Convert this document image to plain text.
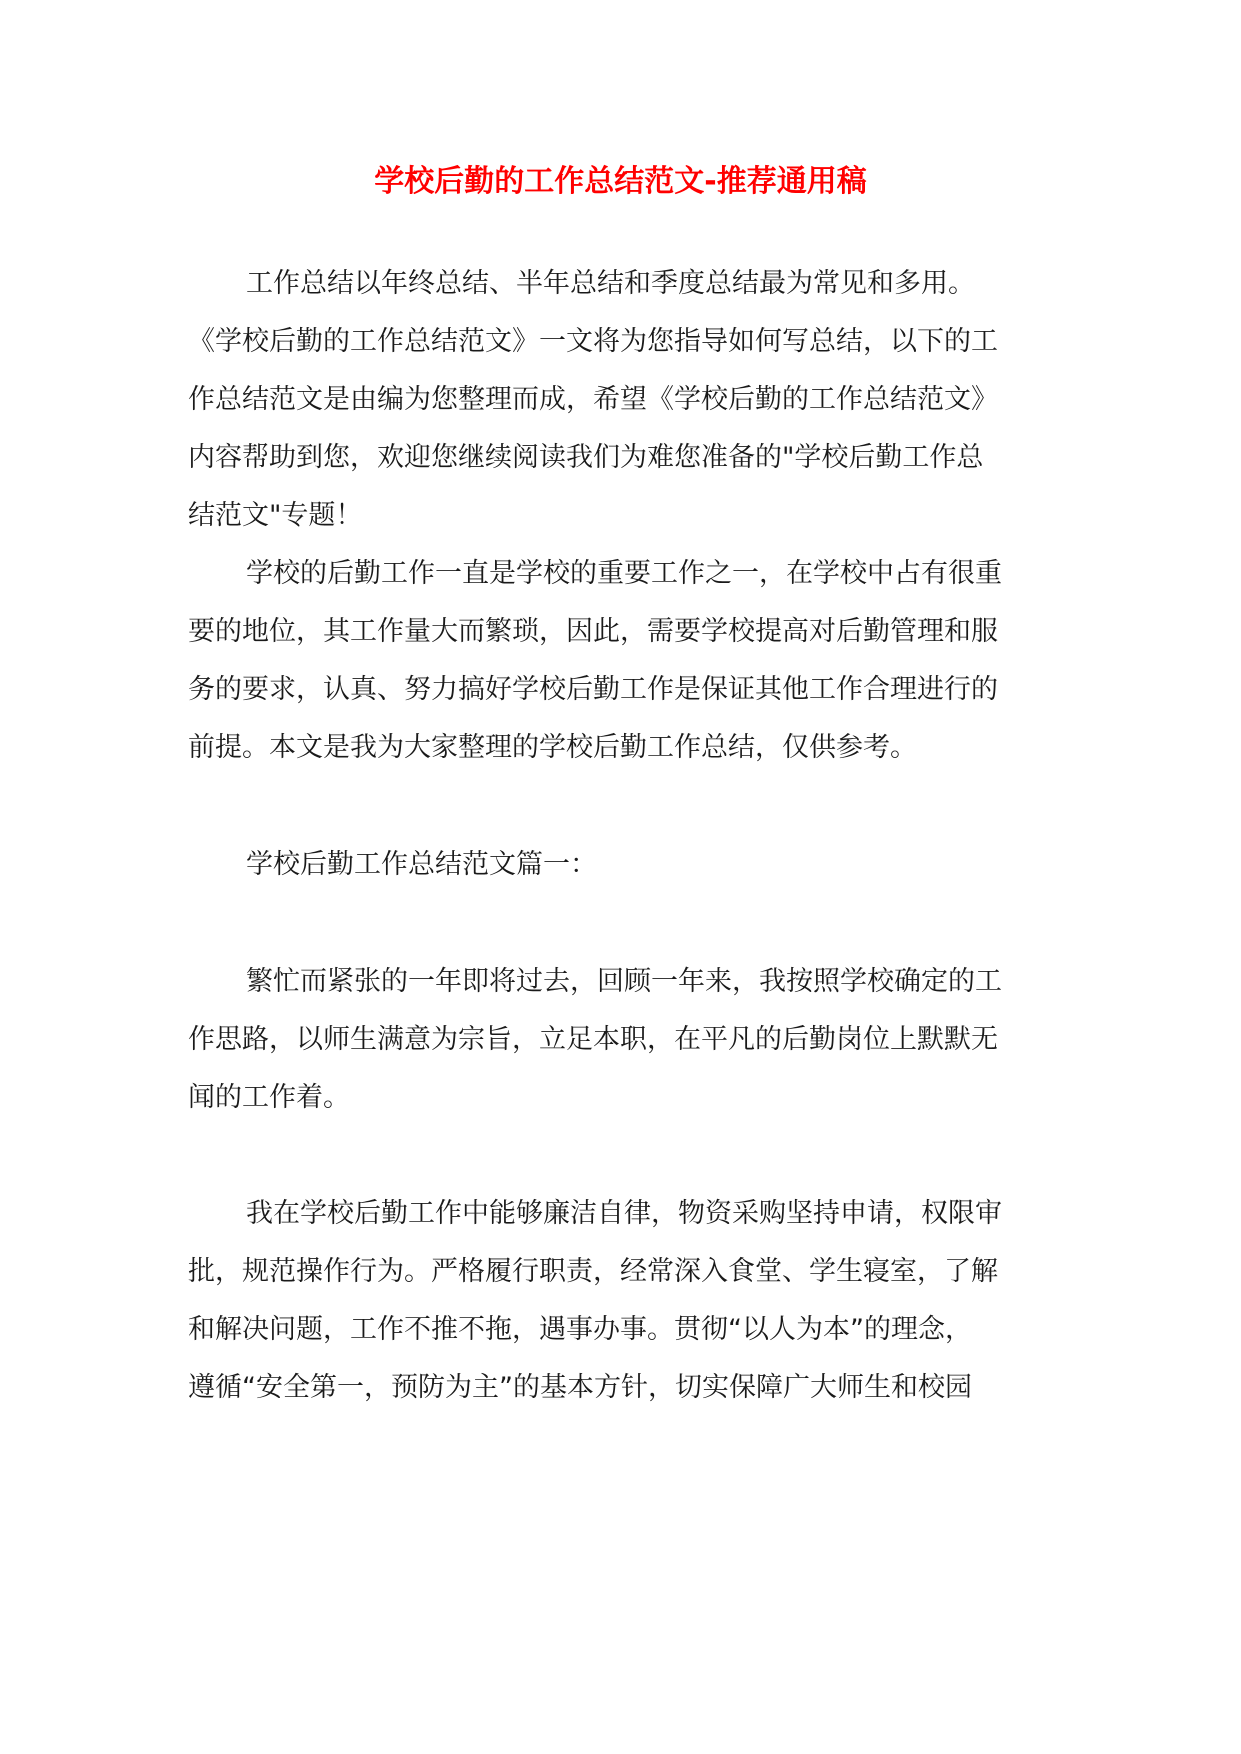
学校后勤的工作总结范文-推荐通用稿
工作总结以年终总结、半年总结和季度总结最为常见和多用。
《学校后勤的工作总结范文》一文将为您指导如何写总结，以下的工
作总结范文是由编为您整理而成，希望《学校后勤的工作总结范文》
内容帮助到您，欢迎您继续阅读我们为难您准备的"学校后勤工作总
结范文"专题！
学校的后勤工作一直是学校的重要工作之一，在学校中占有很重
要的地位，其工作量大而繁琐，因此，需要学校提高对后勤管理和服
务的要求，认真、努力搞好学校后勤工作是保证其他工作合理进行的
前提。本文是我为大家整理的学校后勤工作总结，仅供参考。
学校后勤工作总结范文篇一：
繁忙而紧张的一年即将过去，回顾一年来，我按照学校确定的工
作思路，以师生满意为宗旨，立足本职，在平凡的后勤岗位上默默无
闻的工作着。
我在学校后勤工作中能够廉洁自律，物资采购坚持申请，权限审
批，规范操作行为。严格履行职责，经常深入食堂、学生寝室，了解
和解决问题，工作不推不拖，遇事办事。贯彻“以人为本”的理念，
遵循“安全第一，预防为主”的基本方针，切实保障广大师生和校园
